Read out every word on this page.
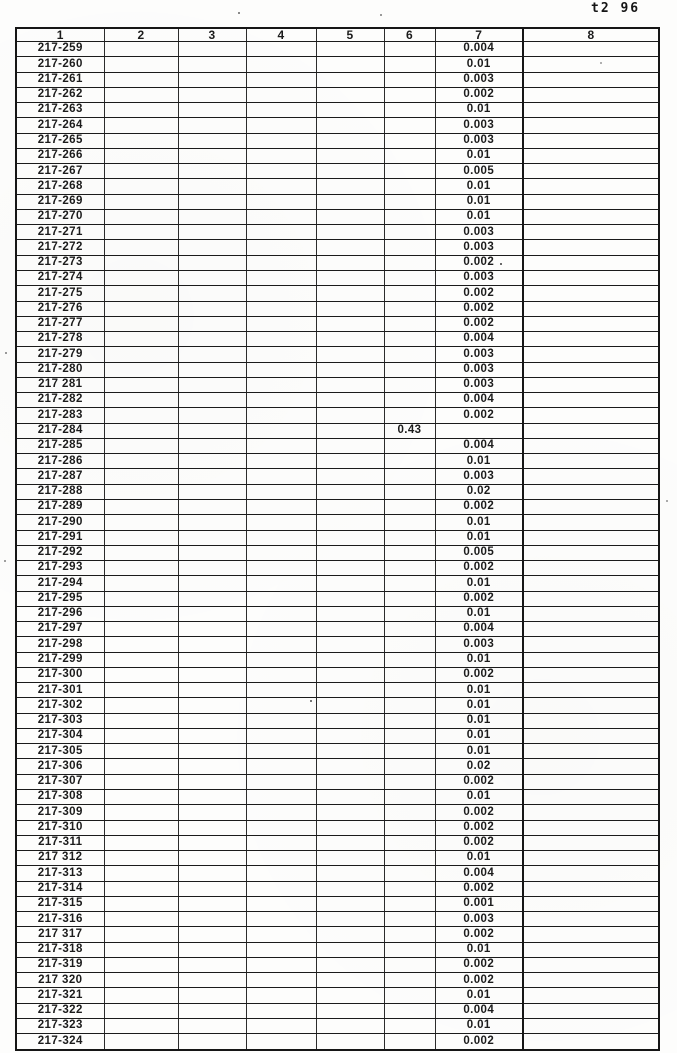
t2 96
1	2	3	4	5	6	7	8
217-259						0.004	
217-260						0.01	
217-261						0.003	
217-262						0.002	
217-263						0.01	
217-264						0.003	
217-265						0.003	
217-266						0.01	
217-267						0.005	
217-268						0.01	
217-269						0.01	
217-270						0.01	
217-271						0.003	
217-272						0.003	
217-273						0.002	
217-274						0.003	
217-275						0.002	
217-276						0.002	
217-277						0.002	
217-278						0.004	
217-279						0.003	
217-280						0.003	
217 281						0.003	
217-282						0.004	
217-283						0.002	
217-284					0.43		
217-285						0.004	
217-286						0.01	
217-287						0.003	
217-288						0.02	
217-289						0.002	
217-290						0.01	
217-291						0.01	
217-292						0.005	
217-293						0.002	
217-294						0.01	
217-295						0.002	
217-296						0.01	
217-297						0.004	
217-298						0.003	
217-299						0.01	
217-300						0.002	
217-301						0.01	
217-302						0.01	
217-303						0.01	
217-304						0.01	
217-305						0.01	
217-306						0.02	
217-307						0.002	
217-308						0.01	
217-309						0.002	
217-310						0.002	
217-311						0.002	
217 312						0.01	
217-313						0.004	
217-314						0.002	
217-315						0.001	
217-316						0.003	
217 317						0.002	
217-318						0.01	
217-319						0.002	
217 320						0.002	
217-321						0.01	
217-322						0.004	
217-323						0.01	
217-324						0.002	
